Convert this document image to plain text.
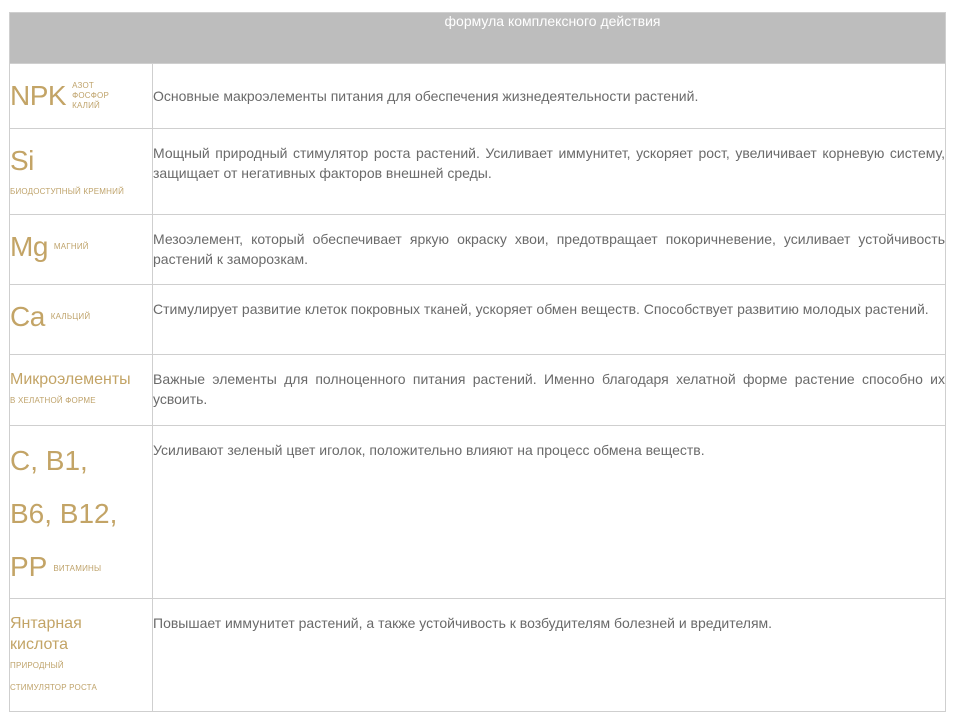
формула комплексного действия	
NPK АЗОТ
ФОСФОР
КАЛИЙ	Основные макроэлементы питания для обеспечения жизнедеятельности растений.

Si
БИОДОСТУПНЫЙ КРЕМНИЙ	Мощный природный стимулятор роста растений. Усиливает иммунитет, ускоряет рост, увеличивает корневую систему, защищает от негативных факторов внешней среды.
Mg МАГНИЙ	Мезоэлемент, который обеспечивает яркую окраску хвои, предотвращает покоричневение, усиливает устойчивость растений к заморозкам.
Ca КАЛЬЦИЙ	Стимулирует развитие клеток покровных тканей, ускоряет обмен веществ. Способствует развитию молодых растений.

Микроэлементы
В ХЕЛАТНОЙ ФОРМЕ	Важные элементы для полноценного питания растений. Именно благодаря хелатной форме растение способно их усвоить.

C, B1,
B6, B12,
PP ВИТАМИНЫ	Усиливают зеленый цвет иголок, положительно влияют на процесс обмена веществ.

Янтарная
кислота
ПРИРОДНЫЙ
СТИМУЛЯТОР РОСТА	Повышает иммунитет растений, а также устойчивость к возбудителям болезней и вредителям.
